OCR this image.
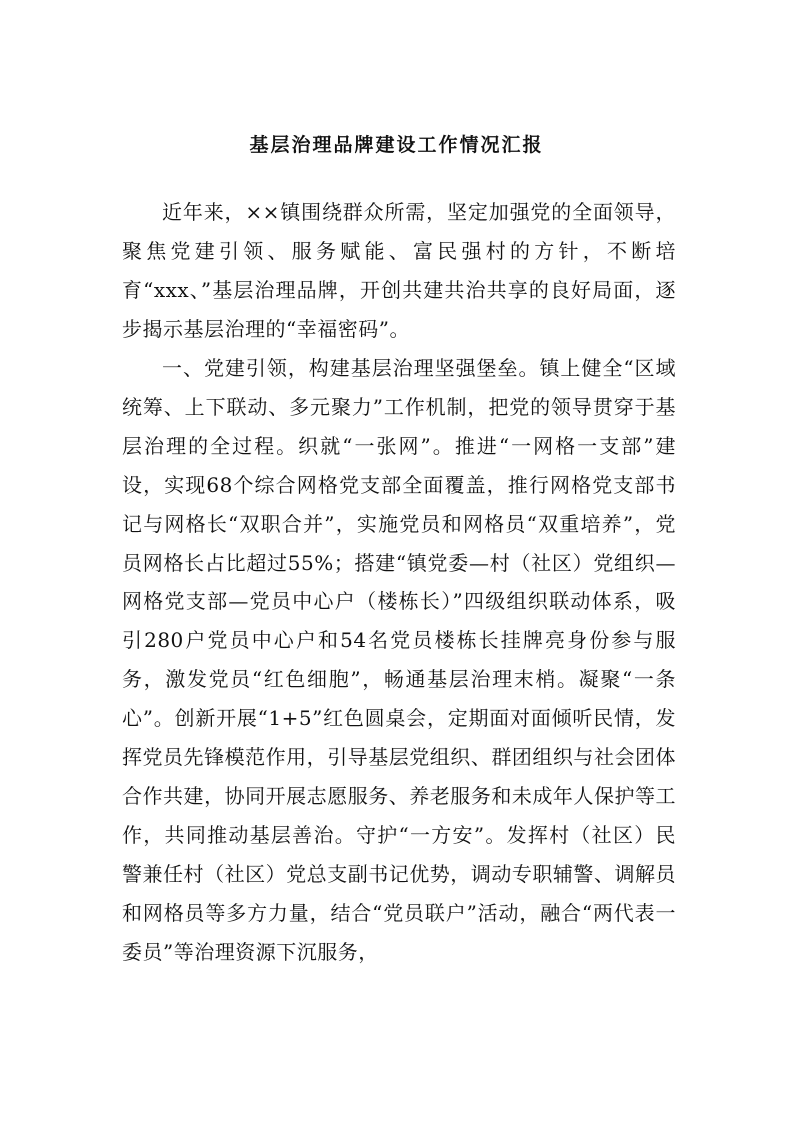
基层治理品牌建设工作情况汇报

近年来，××镇围绕群众所需，坚定加强党的全面领导，聚焦党建引领、服务赋能、富民强村的方针，不断培育“xxx、”基层治理品牌，开创共建共治共享的良好局面，逐步揭示基层治理的“幸福密码”。

一、党建引领，构建基层治理坚强堡垒。镇上健全“区域统筹、上下联动、多元聚力”工作机制，把党的领导贯穿于基层治理的全过程。织就“一张网”。推进“一网格一支部”建设，实现68个综合网格党支部全面覆盖，推行网格党支部书记与网格长“双职合并”，实施党员和网格员“双重培养”，党员网格长占比超过55%；搭建“镇党委—村（社区）党组织—网格党支部—党员中心户（楼栋长）”四级组织联动体系，吸引280户党员中心户和54名党员楼栋长挂牌亮身份参与服务，激发党员“红色细胞”，畅通基层治理末梢。凝聚“一条心”。创新开展“1+5”红色圆桌会，定期面对面倾听民情，发挥党员先锋模范作用，引导基层党组织、群团组织与社会团体合作共建，协同开展志愿服务、养老服务和未成年人保护等工作，共同推动基层善治。守护“一方安”。发挥村（社区）民警兼任村（社区）党总支副书记优势，调动专职辅警、调解员和网格员等多方力量，结合“党员联户”活动，融合“两代表一委员”等治理资源下沉服务，
